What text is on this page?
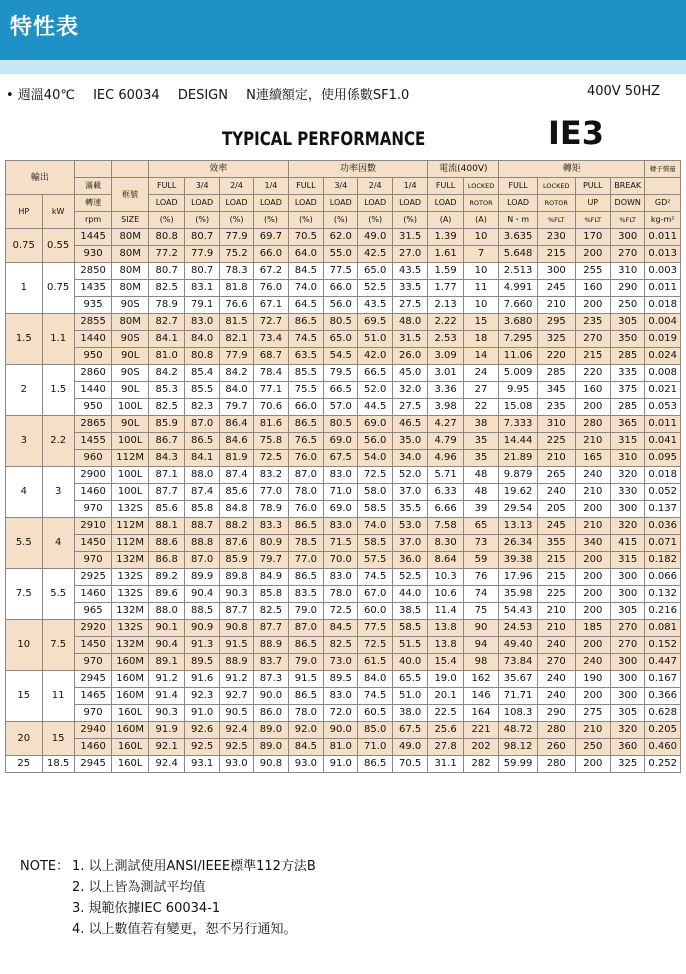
特性表
• 週溫40℃ IEC 60034 DESIGN N連續額定，使用係數SF1.0	400V 50HZ
TYPICAL PERFORMANCE	IE3
輸出				效率				功率因數				電流(400V)		轉矩				轉子慣量
		滿載	框號	FULL	3/4	2/4	1/4	FULL	3/4	2/4	1/4	FULL	LOCKED	FULL	LOCKED	PULL	BREAK	
HP	kW	轉速		LOAD	LOAD	LOAD	LOAD	LOAD	LOAD	LOAD	LOAD	LOAD	ROTOR	LOAD	ROTOR	UP	DOWN	GD²
		rpm	SIZE	(%)	(%)	(%)	(%)	(%)	(%)	(%)	(%)	(A)	(A)	N・m	%FLT	%FLT	%FLT	kg-m²
0.75	0.55	1445	80M	80.8	80.7	77.9	69.7	70.5	62.0	49.0	31.5	1.39	10	3.635	230	170	300	0.011
		930	80M	77.2	77.9	75.2	66.0	64.0	55.0	42.5	27.0	1.61	7	5.648	215	200	270	0.013
1	0.75	2850	80M	80.7	80.7	78.3	67.2	84.5	77.5	65.0	43.5	1.59	10	2.513	300	255	310	0.003
		1435	80M	82.5	83.1	81.8	76.0	74.0	66.0	52.5	33.5	1.77	11	4.991	245	160	290	0.011
		935	90S	78.9	79.1	76.6	67.1	64.5	56.0	43.5	27.5	2.13	10	7.660	210	200	250	0.018
1.5	1.1	2855	80M	82.7	83.0	81.5	72.7	86.5	80.5	69.5	48.0	2.22	15	3.680	295	235	305	0.004
		1440	90S	84.1	84.0	82.1	73.4	74.5	65.0	51.0	31.5	2.53	18	7.295	325	270	350	0.019
		950	90L	81.0	80.8	77.9	68.7	63.5	54.5	42.0	26.0	3.09	14	11.06	220	215	285	0.024
2	1.5	2860	90S	84.2	85.4	84.2	78.4	85.5	79.5	66.5	45.0	3.01	24	5.009	285	220	335	0.008
		1440	90L	85.3	85.5	84.0	77.1	75.5	66.5	52.0	32.0	3.36	27	9.95	345	160	375	0.021
		950	100L	82.5	82.3	79.7	70.6	66.0	57.0	44.5	27.5	3.98	22	15.08	235	200	285	0.053
3	2.2	2865	90L	85.9	87.0	86.4	81.6	86.5	80.5	69.0	46.5	4.27	38	7.333	310	280	365	0.011
		1455	100L	86.7	86.5	84.6	75.8	76.5	69.0	56.0	35.0	4.79	35	14.44	225	210	315	0.041
		960	112M	84.3	84.1	81.9	72.5	76.0	67.5	54.0	34.0	4.96	35	21.89	210	165	310	0.095
4	3	2900	100L	87.1	88.0	87.4	83.2	87.0	83.0	72.5	52.0	5.71	48	9.879	265	240	320	0.018
		1460	100L	87.7	87.4	85.6	77.0	78.0	71.0	58.0	37.0	6.33	48	19.62	240	210	330	0.052
		970	132S	85.6	85.8	84.8	78.9	76.0	69.0	58.5	35.5	6.66	39	29.54	205	200	300	0.137
5.5	4	2910	112M	88.1	88.7	88.2	83.3	86.5	83.0	74.0	53.0	7.58	65	13.13	245	210	320	0.036
		1450	112M	88.6	88.8	87.6	80.9	78.5	71.5	58.5	37.0	8.30	73	26.34	355	340	415	0.071
		970	132M	86.8	87.0	85.9	79.7	77.0	70.0	57.5	36.0	8.64	59	39.38	215	200	315	0.182
7.5	5.5	2925	132S	89.2	89.9	89.8	84.9	86.5	83.0	74.5	52.5	10.3	76	17.96	215	200	300	0.066
		1460	132S	89.6	90.4	90.3	85.8	83.5	78.0	67.0	44.0	10.6	74	35.98	225	200	300	0.132
		965	132M	88.0	88.5	87.7	82.5	79.0	72.5	60.0	38.5	11.4	75	54.43	210	200	305	0.216
10	7.5	2920	132S	90.1	90.9	90.8	87.7	87.0	84.5	77.5	58.5	13.8	90	24.53	210	185	270	0.081
		1450	132M	90.4	91.3	91.5	88.9	86.5	82.5	72.5	51.5	13.8	94	49.40	240	200	270	0.152
		970	160M	89.1	89.5	88.9	83.7	79.0	73.0	61.5	40.0	15.4	98	73.84	270	240	300	0.447
15	11	2945	160M	91.2	91.6	91.2	87.3	91.5	89.5	84.0	65.5	19.0	162	35.67	240	190	300	0.167
		1465	160M	91.4	92.3	92.7	90.0	86.5	83.0	74.5	51.0	20.1	146	71.71	240	200	300	0.366
		970	160L	90.3	91.0	90.5	86.0	78.0	72.0	60.5	38.0	22.5	164	108.3	290	275	305	0.628
20	15	2940	160M	91.9	92.6	92.4	89.0	92.0	90.0	85.0	67.5	25.6	221	48.72	280	210	320	0.205
		1460	160L	92.1	92.5	92.5	89.0	84.5	81.0	71.0	49.0	27.8	202	98.12	260	250	360	0.460
25	18.5	2945	160L	92.4	93.1	93.0	90.8	93.0	91.0	86.5	70.5	31.1	282	59.99	280	200	325	0.252
NOTE： 1. 以上測試使用ANSI/IEEE標準112方法B
2. 以上皆為測試平均值
3. 規範依據IEC 60034-1
4. 以上數值若有變更，恕不另行通知。
